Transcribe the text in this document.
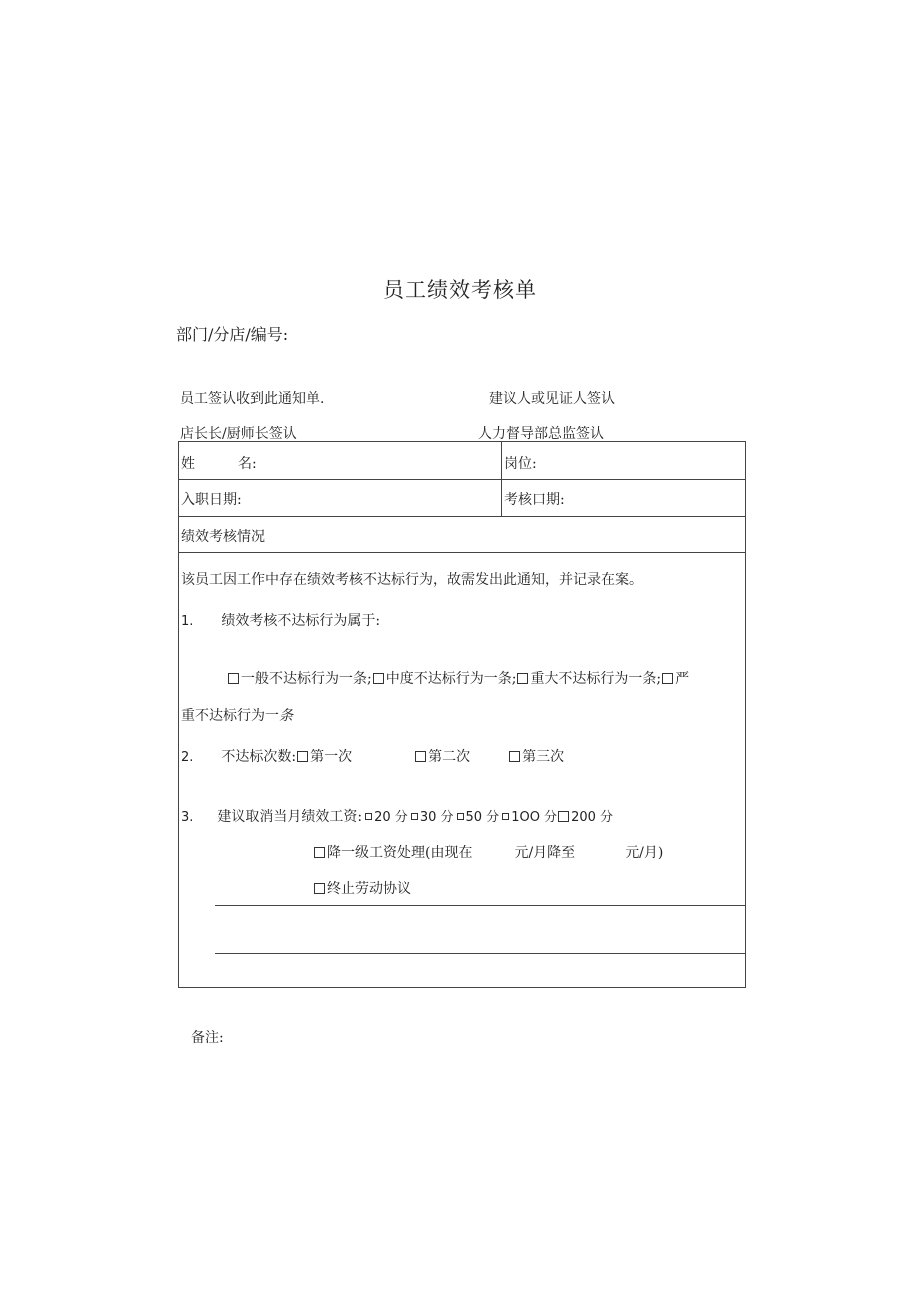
员工绩效考核单
部门/分店/编号:
员工签认收到此通知单.	建议人或见证人签认
店长长/厨师长签认	人力督导部总监签认
姓	名:	岗位:
入职日期:	考核口期:
绩效考核情况
该员工因工作中存在绩效考核不达标行为，故需发出此通知，并记录在案。
1. 绩效考核不达标行为属于:
一般不达标行为一条; 中度不达标行为一条; 重大不达标行为一条; 严
重不达标行为一条
2. 不达标次数: 第一次	第二次	第三次
3. 建议取消当月绩效工资: 20 分 30 分 50 分 1OO 分 200 分
降一级工资处理(由现在	元/月降至	元/月)
终止劳动协议
备注:
